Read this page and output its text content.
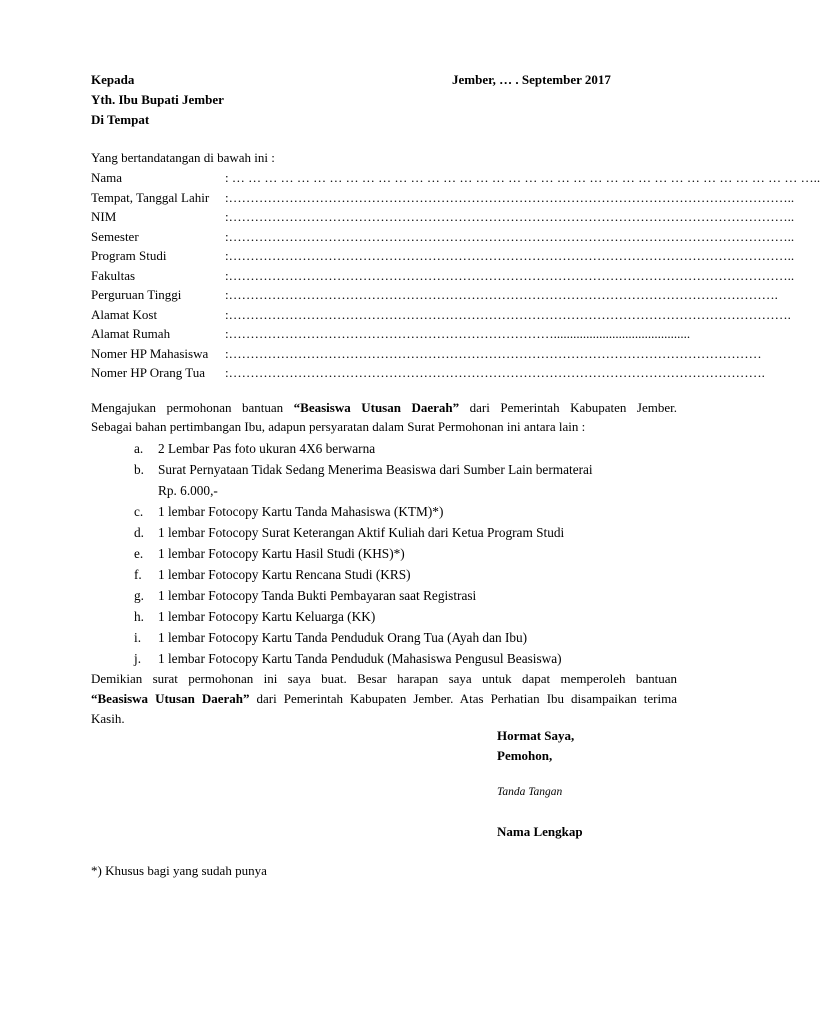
Kepada
Yth. Ibu Bupati Jember
Di Tempat
Jember, … . September 2017
Yang bertandatangan di bawah ini :
Nama	: … … … … … … … … … … … … … … … … … … … … … … … … … … … … … … … … … … … …..
Tempat, Tanggal Lahir	:…………………………………………………………………………………………………………………..
NIM	:…………………………………………………………………………………………………………………..
Semester	:…………………………………………………………………………………………………………………..
Program Studi	:…………………………………………………………………………………………………………………..
Fakultas	:…………………………………………………………………………………………………………………..
Perguruan Tinggi	:……………………………………………………………………………………………………………….
Alamat Kost	:………………………………………………………………………………………………………………….
Alamat Rumah	:…………………………………………………………………..........................................
Nomer HP Mahasiswa	:……………………………………………………………………………………………………………
Nomer HP Orang Tua	:…………………………………………………………………………………………………………….
Mengajukan permohonan bantuan “Beasiswa Utusan Daerah” dari Pemerintah Kabupaten Jember.
Sebagai bahan pertimbangan Ibu, adapun persyaratan dalam Surat Permohonan ini antara lain :
a.	2 Lembar Pas foto ukuran 4X6 berwarna
b.	Surat Pernyataan Tidak Sedang Menerima Beasiswa dari Sumber Lain bermaterai
Rp. 6.000,-
c.	1 lembar Fotocopy Kartu Tanda Mahasiswa (KTM)*)
d.	1 lembar Fotocopy Surat Keterangan Aktif Kuliah dari Ketua Program Studi
e.	1 lembar Fotocopy Kartu Hasil Studi (KHS)*)
f.	1 lembar Fotocopy Kartu Rencana Studi (KRS)
g.	1 lembar Fotocopy Tanda Bukti Pembayaran saat Registrasi
h.	1 lembar Fotocopy Kartu Keluarga (KK)
i.	1 lembar Fotocopy Kartu Tanda Penduduk Orang Tua (Ayah dan Ibu)
j.	1 lembar Fotocopy Kartu Tanda Penduduk (Mahasiswa Pengusul Beasiswa)
Demikian surat permohonan ini saya buat. Besar harapan saya untuk dapat memperoleh bantuan
“Beasiswa Utusan Daerah” dari Pemerintah Kabupaten Jember. Atas Perhatian Ibu disampaikan terima
Kasih.
Hormat Saya,
Pemohon,
Tanda Tangan
Nama Lengkap
*) Khusus bagi yang sudah punya
